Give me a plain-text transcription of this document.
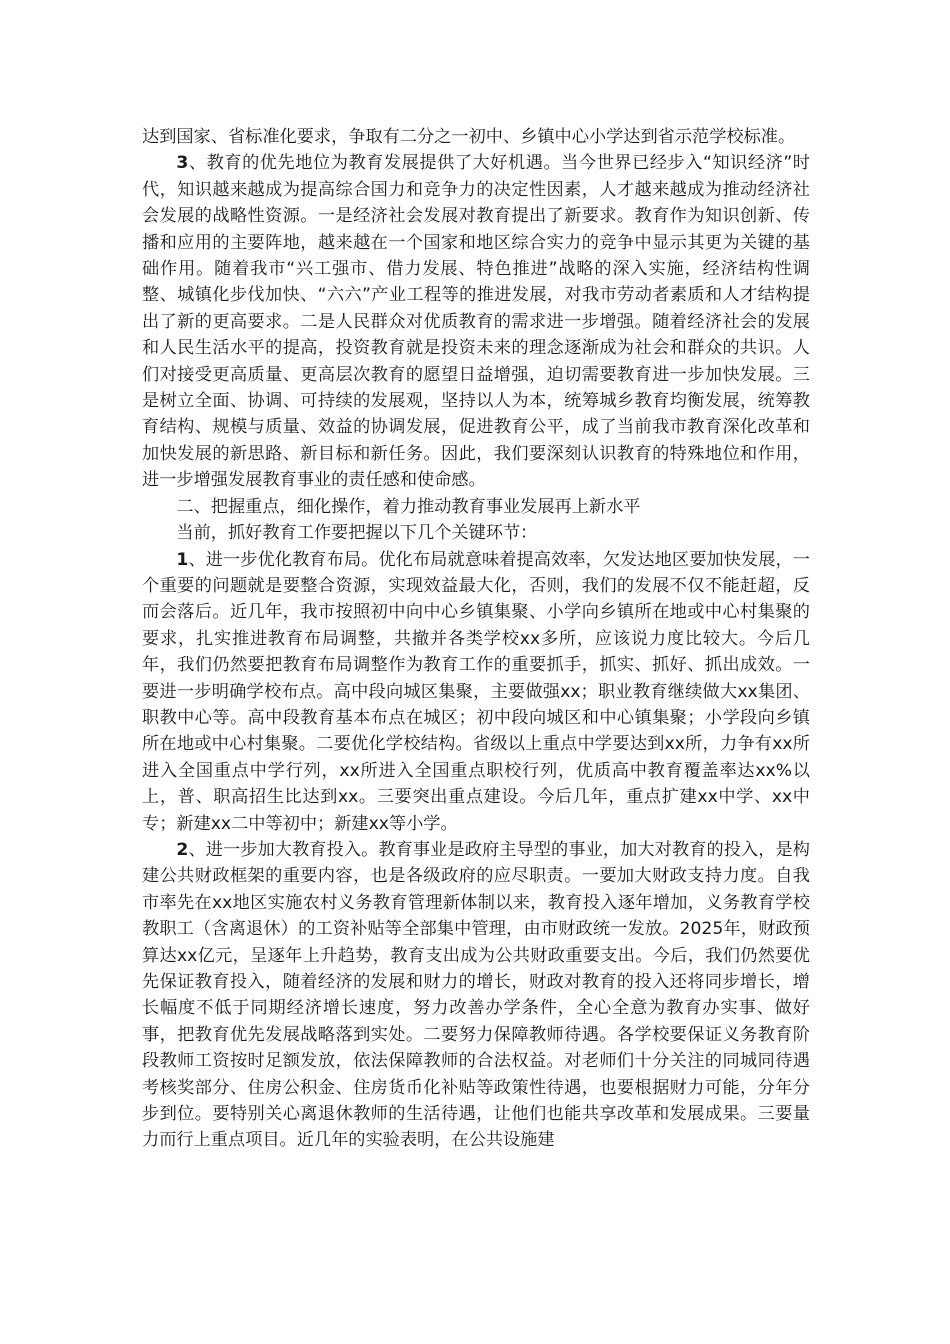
达到国家、省标准化要求，争取有二分之一初中、乡镇中心小学达到省示范学校标准。

3、教育的优先地位为教育发展提供了大好机遇。当今世界已经步入“知识经济”时代，知识越来越成为提高综合国力和竞争力的决定性因素，人才越来越成为推动经济社会发展的战略性资源。一是经济社会发展对教育提出了新要求。教育作为知识创新、传播和应用的主要阵地，越来越在一个国家和地区综合实力的竞争中显示其更为关键的基础作用。随着我市“兴工强市、借力发展、特色推进”战略的深入实施，经济结构性调整、城镇化步伐加快、“六六”产业工程等的推进发展，对我市劳动者素质和人才结构提出了新的更高要求。二是人民群众对优质教育的需求进一步增强。随着经济社会的发展和人民生活水平的提高，投资教育就是投资未来的理念逐渐成为社会和群众的共识。人们对接受更高质量、更高层次教育的愿望日益增强，迫切需要教育进一步加快发展。三是树立全面、协调、可持续的发展观，坚持以人为本，统筹城乡教育均衡发展，统筹教育结构、规模与质量、效益的协调发展，促进教育公平，成了当前我市教育深化改革和加快发展的新思路、新目标和新任务。因此，我们要深刻认识教育的特殊地位和作用，进一步增强发展教育事业的责任感和使命感。

二、把握重点，细化操作，着力推动教育事业发展再上新水平

当前，抓好教育工作要把握以下几个关键环节：

1、进一步优化教育布局。优化布局就意味着提高效率，欠发达地区要加快发展，一个重要的问题就是要整合资源，实现效益最大化，否则，我们的发展不仅不能赶超，反而会落后。近几年，我市按照初中向中心乡镇集聚、小学向乡镇所在地或中心村集聚的要求，扎实推进教育布局调整，共撤并各类学校xx多所，应该说力度比较大。今后几年，我们仍然要把教育布局调整作为教育工作的重要抓手，抓实、抓好、抓出成效。一要进一步明确学校布点。高中段向城区集聚，主要做强xx；职业教育继续做大xx集团、职教中心等。高中段教育基本布点在城区；初中段向城区和中心镇集聚；小学段向乡镇所在地或中心村集聚。二要优化学校结构。省级以上重点中学要达到xx所，力争有xx所进入全国重点中学行列，xx所进入全国重点职校行列，优质高中教育覆盖率达xx%以上，普、职高招生比达到xx。三要突出重点建设。今后几年，重点扩建xx中学、xx中专；新建xx二中等初中；新建xx等小学。

2、进一步加大教育投入。教育事业是政府主导型的事业，加大对教育的投入，是构建公共财政框架的重要内容，也是各级政府的应尽职责。一要加大财政支持力度。自我市率先在xx地区实施农村义务教育管理新体制以来，教育投入逐年增加，义务教育学校教职工（含离退休）的工资补贴等全部集中管理，由市财政统一发放。2025年，财政预算达xx亿元，呈逐年上升趋势，教育支出成为公共财政重要支出。今后，我们仍然要优先保证教育投入，随着经济的发展和财力的增长，财政对教育的投入还将同步增长，增长幅度不低于同期经济增长速度，努力改善办学条件，全心全意为教育办实事、做好事，把教育优先发展战略落到实处。二要努力保障教师待遇。各学校要保证义务教育阶段教师工资按时足额发放，依法保障教师的合法权益。对老师们十分关注的同城同待遇考核奖部分、住房公积金、住房货币化补贴等政策性待遇，也要根据财力可能，分年分步到位。要特别关心离退休教师的生活待遇，让他们也能共享改革和发展成果。三要量力而行上重点项目。近几年的实验表明，在公共设施建
